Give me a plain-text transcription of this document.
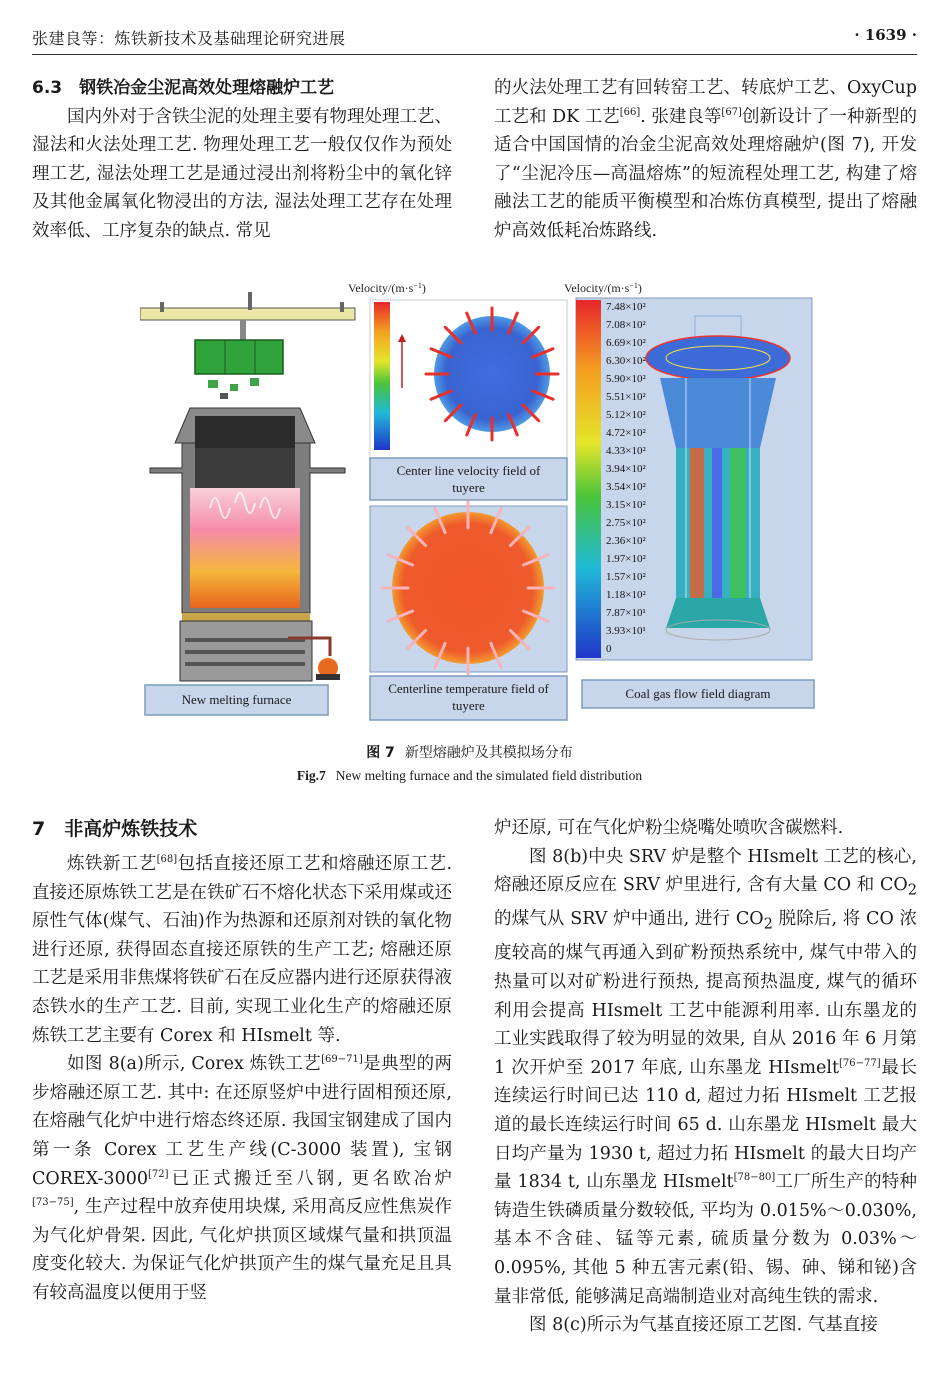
张建良等：炼铁新技术及基础理论研究进展	· 1639 ·
6.3　钢铁冶金尘泥高效处理熔融炉工艺

国内外对于含铁尘泥的处理主要有物理处理工艺、湿法和火法处理工艺. 物理处理工艺一般仅仅作为预处理工艺, 湿法处理工艺是通过浸出剂将粉尘中的氧化锌及其他金属氧化物浸出的方法, 湿法处理工艺存在处理效率低、工序复杂的缺点. 常见

的火法处理工艺有回转窑工艺、转底炉工艺、OxyCup 工艺和 DK 工艺[66]. 张建良等[67]创新设计了一种新型的适合中国国情的冶金尘泥高效处理熔融炉(图 7), 开发了“尘泥冷压—高温熔炼”的短流程处理工艺, 构建了熔融法工艺的能质平衡模型和冶炼仿真模型, 提出了熔融炉高效低耗冶炼路线.

Velocity/$(m\cdot s^{-1})$	Velocity/$(m\cdot s^{-1})$
7.48×10²
7.08×10²
6.69×10²
6.30×10²
5.90×10²
5.51×10²
5.12×10²
4.72×10²
4.33×10²
3.94×10²
3.54×10²
3.15×10²
2.75×10²
2.36×10²
1.97×10²
1.57×10²
1.18×10²
7.87×10¹
3.93×10¹
0
New melting furnace
Center line velocity field of tuyere
Centerline temperature field of tuyere
Coal gas flow field diagram
图 7 新型熔融炉及其模拟场分布
Fig.7 New melting furnace and the simulated field distribution
7　非高炉炼铁技术

炼铁新工艺[68]包括直接还原工艺和熔融还原工艺. 直接还原炼铁工艺是在铁矿石不熔化状态下采用煤或还原性气体(煤气、石油)作为热源和还原剂对铁的氧化物进行还原, 获得固态直接还原铁的生产工艺; 熔融还原工艺是采用非焦煤将铁矿石在反应器内进行还原获得液态铁水的生产工艺. 目前, 实现工业化生产的熔融还原炼铁工艺主要有 Corex 和 HIsmelt 等.

如图 8(a)所示, Corex 炼铁工艺[69−71]是典型的两步熔融还原工艺. 其中: 在还原竖炉中进行固相预还原, 在熔融气化炉中进行熔态终还原. 我国宝钢建成了国内第一条 Corex 工艺生产线(C-3000 装置), 宝钢 COREX-3000[72]已正式搬迁至八钢, 更名欧冶炉[73−75], 生产过程中放弃使用块煤, 采用高反应性焦炭作为气化炉骨架. 因此, 气化炉拱顶区域煤气量和拱顶温度变化较大. 为保证气化炉拱顶产生的煤气量充足且具有较高温度以便用于竖

炉还原, 可在气化炉粉尘烧嘴处喷吹含碳燃料.

图 8(b)中央 SRV 炉是整个 HIsmelt 工艺的核心, 熔融还原反应在 SRV 炉里进行, 含有大量 CO 和 $CO_2$ 的煤气从 SRV 炉中通出, 进行 $CO_2$ 脱除后, 将 CO 浓度较高的煤气再通入到矿粉预热系统中, 煤气中带入的热量可以对矿粉进行预热, 提高预热温度, 煤气的循环利用会提高 HIsmelt 工艺中能源利用率. 山东墨龙的工业实践取得了较为明显的效果, 自从 2016 年 6 月第 1 次开炉至 2017 年底, 山东墨龙 HIsmelt[76−77]最长连续运行时间已达 110 d, 超过力拓 HIsmelt 工艺报道的最长连续运行时间 65 d. 山东墨龙 HIsmelt 最大日均产量为 1930 t, 超过力拓 HIsmelt 的最大日均产量 1834 t, 山东墨龙 HIsmelt[78−80]工厂所生产的特种铸造生铁磷质量分数较低, 平均为 0.015%～0.030%, 基本不含硅、锰等元素, 硫质量分数为 0.03%～0.095%, 其他 5 种五害元素(铅、锡、砷、锑和铋)含量非常低, 能够满足高端制造业对高纯生铁的需求.

图 8(c)所示为气基直接还原工艺图. 气基直接
